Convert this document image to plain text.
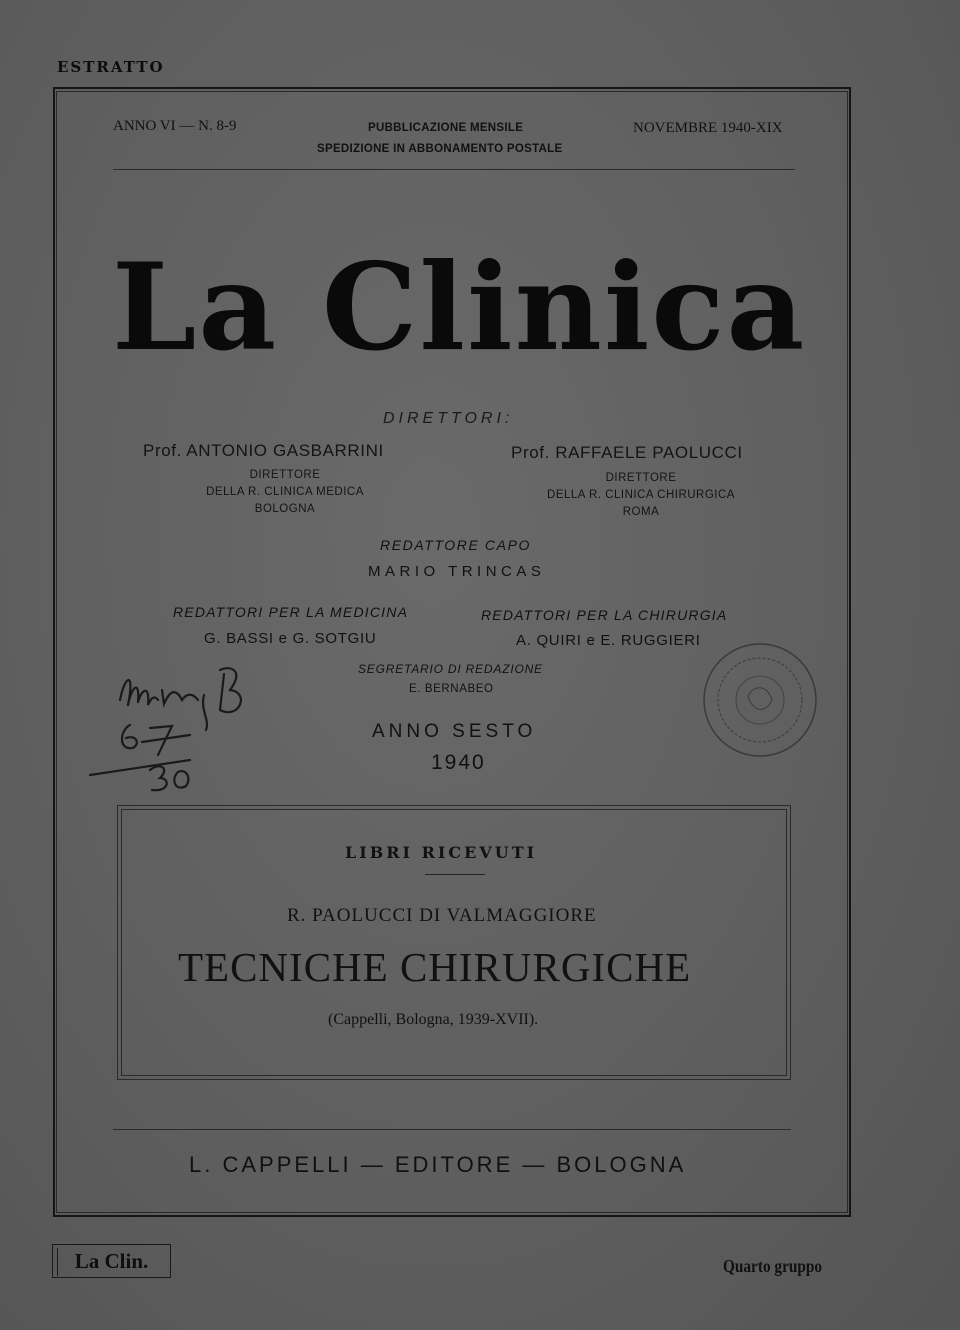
ESTRATTO
ANNO VI — N. 8-9	PUBBLICAZIONE MENSILE
SPEDIZIONE IN ABBONAMENTO POSTALE
NOVEMBRE 1940-XIX
La Clinica
DIRETTORI:
Prof. ANTONIO GASBARRINI
DIRETTORE
DELLA R. CLINICA MEDICA
BOLOGNA
Prof. RAFFAELE PAOLUCCI
DIRETTORE
DELLA R. CLINICA CHIRURGICA
ROMA
REDATTORE CAPO
MARIO TRINCAS
REDATTORI PER LA MEDICINA
G. BASSI e G. SOTGIU
REDATTORI PER LA CHIRURGIA
A. QUIRI e E. RUGGIERI
SEGRETARIO DI REDAZIONE
E. BERNABEO
ANNO SESTO
1940
LIBRI RICEVUTI
R. PAOLUCCI DI VALMAGGIORE
TECNICHE CHIRURGICHE
(Cappelli, Bologna, 1939-XVII).
L. CAPPELLI — EDITORE — BOLOGNA
La Clin.	Quarto gruppo
